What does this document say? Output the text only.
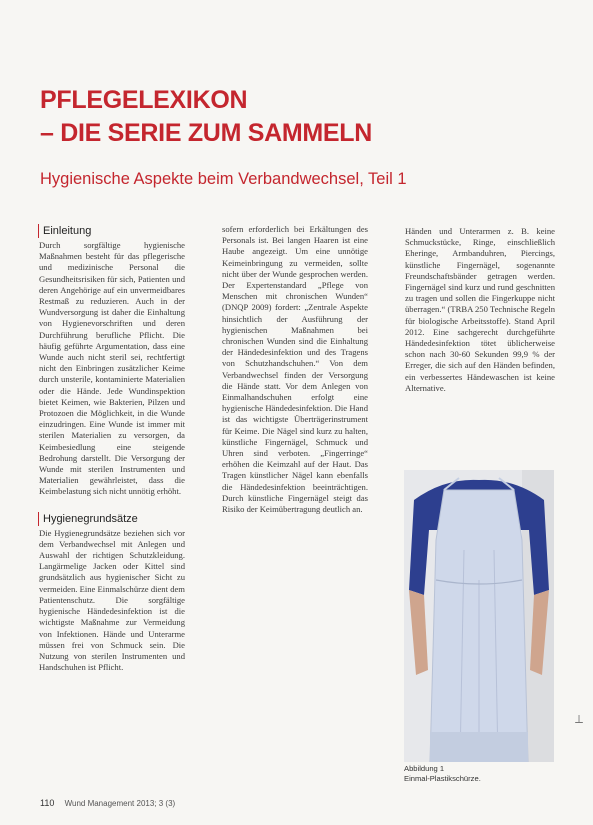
PFLEGELEXIKON
– DIE SERIE ZUM SAMMELN
Hygienische Aspekte beim Verbandwechsel, Teil 1
Einleitung

Durch sorgfältige hygienische Maßnahmen besteht für das pflegerische und medizinische Personal die Gesundheitsrisiken für sich, Patienten und deren Angehörige auf ein unvermeidbares Restmaß zu reduzieren. Auch in der Wundversorgung ist daher die Einhaltung von Hygienevorschriften und deren Durchführung berufliche Pflicht. Die häufig geführte Argumentation, dass eine Wunde auch nicht steril sei, rechtfertigt nicht den Einbringen zusätzlicher Keime durch unsterile, kontaminierte Materialien oder die Hände. Jede Wundinspektion bietet Keimen, wie Bakterien, Pilzen und Protozoen die Möglichkeit, in die Wunde einzudringen. Eine Wunde ist immer mit sterilen Materialien zu versorgen, da Keimbesiedlung eine steigende Bedrohung darstellt. Die Versorgung der Wunde mit sterilen Instrumenten und Materialien gewährleistet, dass die Keimbelastung sich nicht unnötig erhöht.

Hygienegrundsätze

Die Hygienegrundsätze beziehen sich vor dem Verbandwechsel mit Anlegen und Auswahl der richtigen Schutzkleidung. Langärmelige Jacken oder Kittel sind grundsätzlich aus hygienischer Sicht zu vermeiden. Eine Einmalschürze dient dem Patientenschutz. Die sorgfältige hygienische Händedesinfektion ist die wichtigste Maßnahme zur Vermeidung von Infektionen. Hände und Unterarme müssen frei von Schmuck sein. Die Nutzung von sterilen Instrumenten und Handschuhen ist Pflicht.

sofern erforderlich bei Erkältungen des Personals ist. Bei langen Haaren ist eine Haube angezeigt. Um eine unnötige Keimeinbringung zu vermeiden, sollte nicht über der Wunde gesprochen werden. Der Expertenstandard „Pflege von Menschen mit chronischen Wunden“ (DNQP 2009) fordert: „Zentrale Aspekte hinsichtlich der Ausführung der hygienischen Maßnahmen bei chronischen Wunden sind die Einhaltung der Händedesinfektion und des Tragens von Schutzhandschuhen.“ Von dem Verbandwechsel finden der Versorgung die Hände statt. Vor dem Anlegen von Einmalhandschuhen erfolgt eine hygienische Händedesinfektion. Die Hand ist das wichtigste Überträgerinstrument für Keime. Die Nägel sind kurz zu halten, künstliche Fingernägel, Schmuck und Uhren sind verboten. „Fingerringe“ erhöhen die Keimzahl auf der Haut. Das Tragen künstlicher Nägel kann ebenfalls die Händedesinfektion beeinträchtigen. Durch künstliche Fingernägel steigt das Risiko der Keimübertragung deutlich an.

Händen und Unterarmen z. B. keine Schmuckstücke, Ringe, einschließlich Eheringe, Armbanduhren, Piercings, künstliche Fingernägel, sogenannte Freundschaftsbänder getragen werden. Fingernägel sind kurz und rund geschnitten zu tragen und sollen die Fingerkuppe nicht überragen.“ (TRBA 250 Technische Regeln für biologische Arbeitsstoffe). Stand April 2012. Eine sachgerecht durchgeführte Händedesinfektion tötet üblicherweise schon nach 30-60 Sekunden 99,9 % der Erreger, die sich auf den Händen befinden, ein verbessertes Händewaschen ist keine Alternative.

Abbildung 1
Einmal-Plastikschürze.
110 Wund Management 2013; 3 (3)
⟂
